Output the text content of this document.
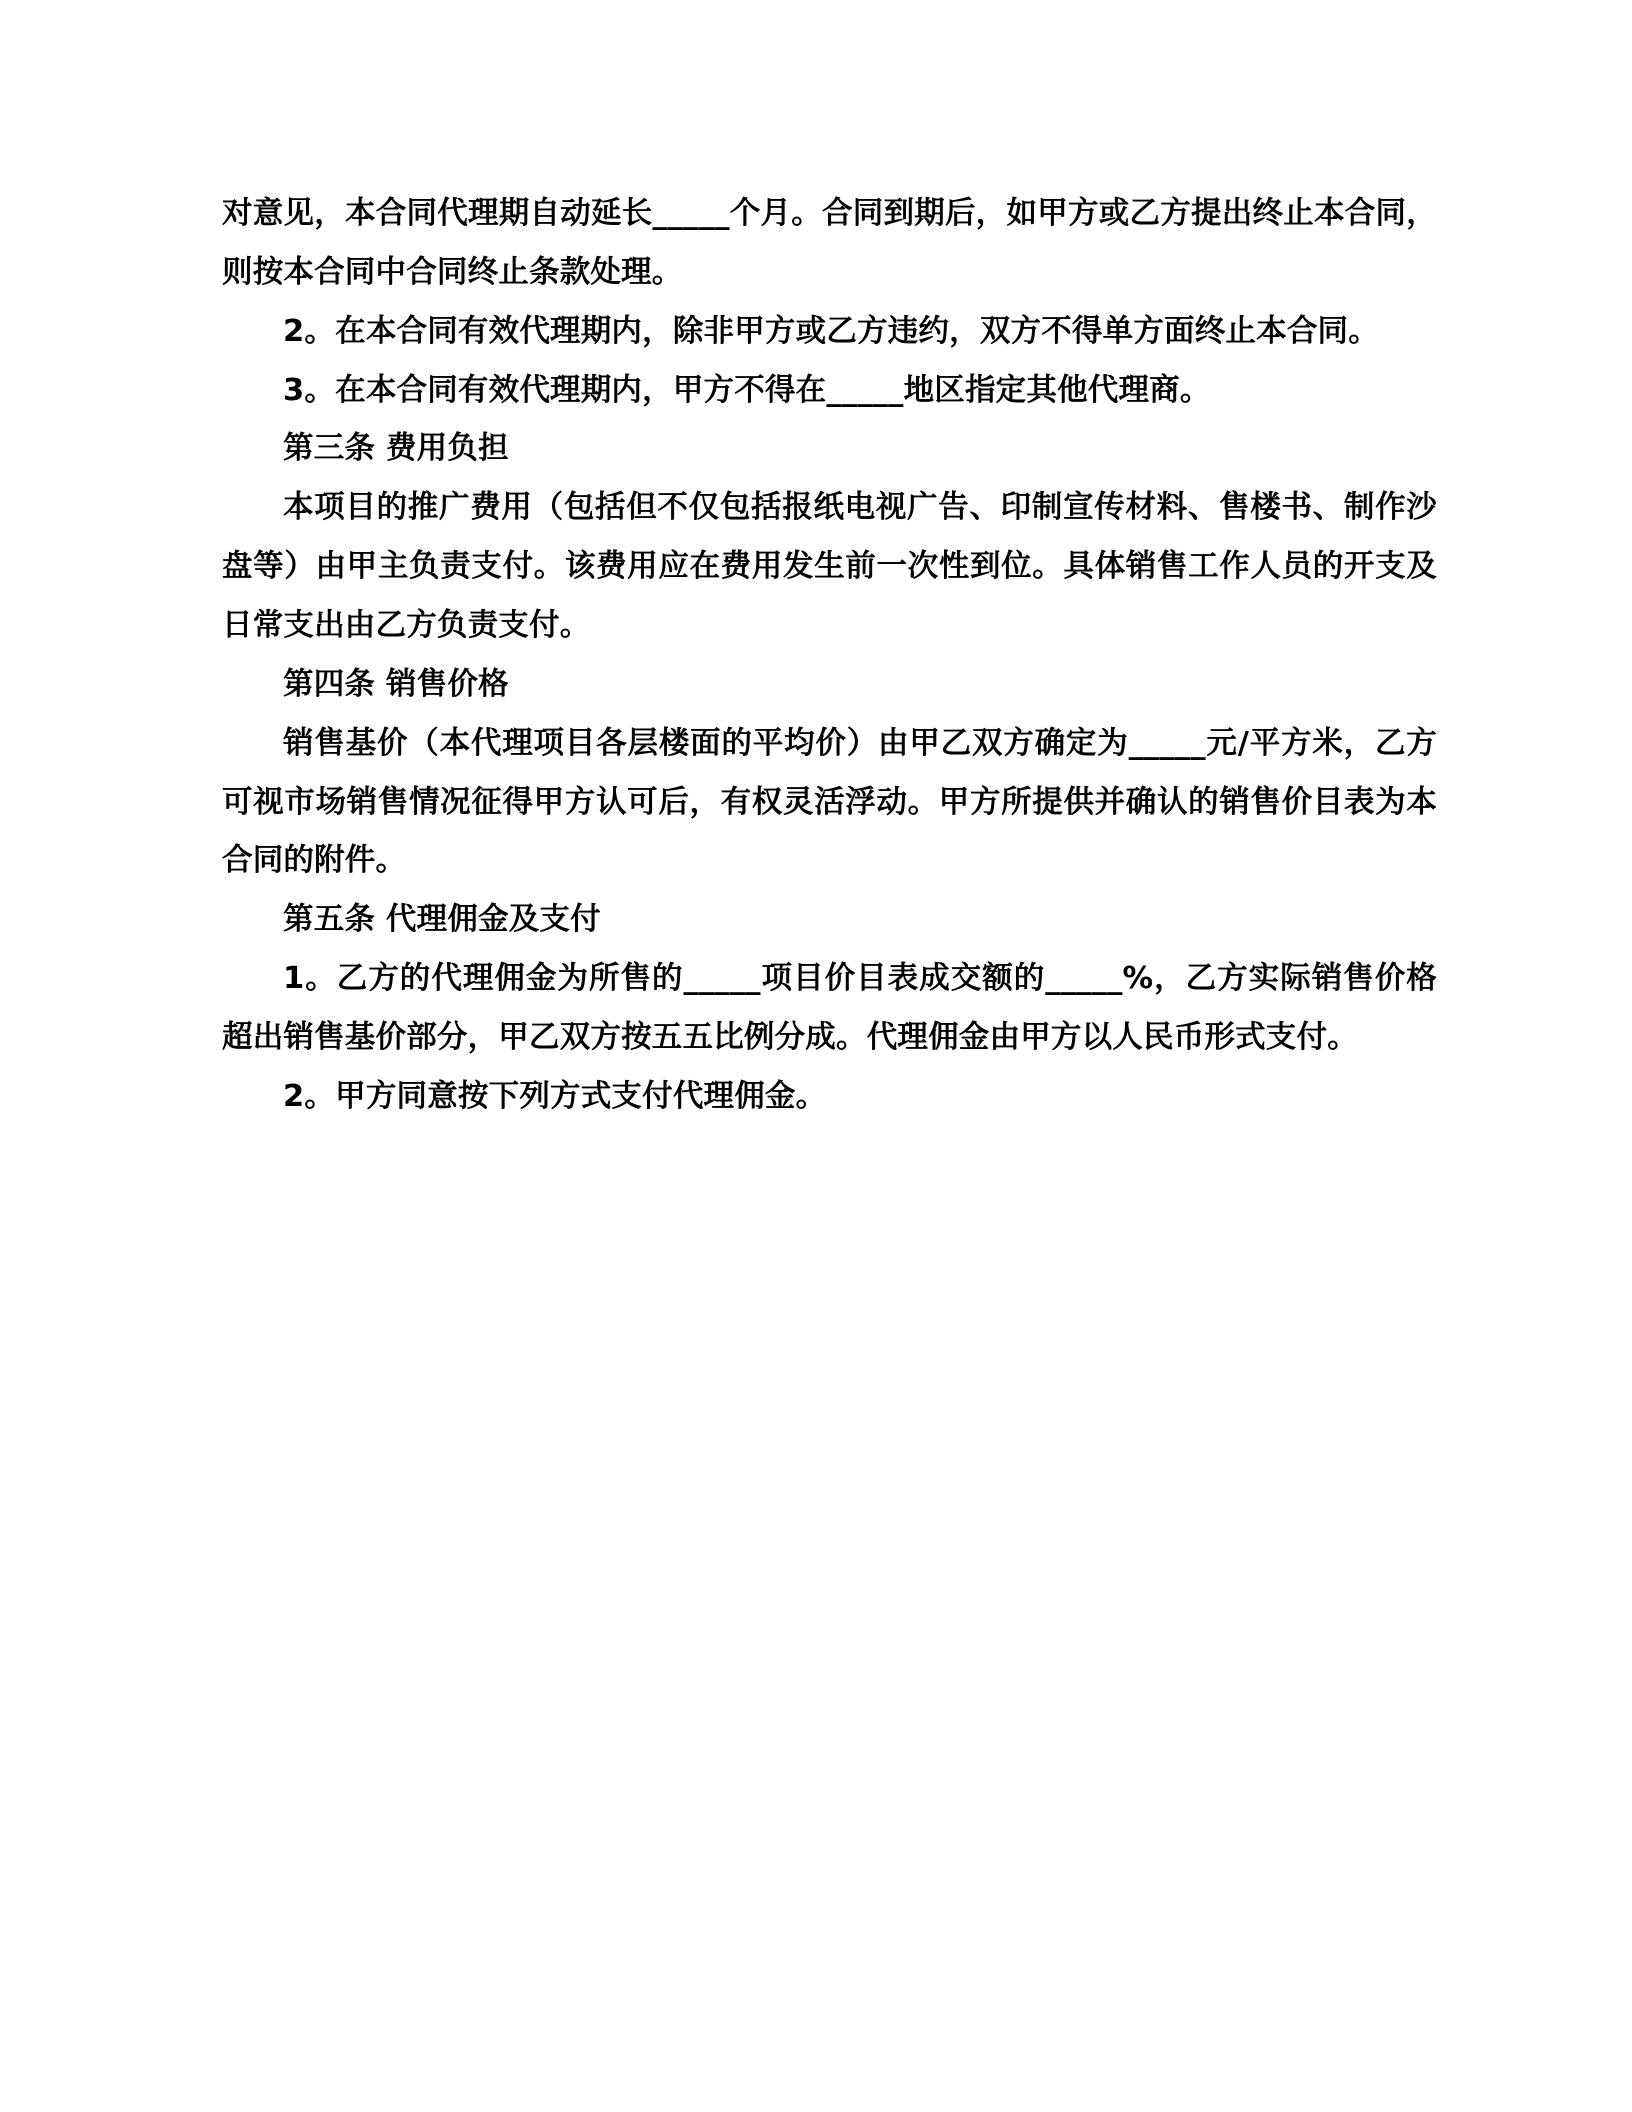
对意见，本合同代理期自动延长_____个月。合同到期后，如甲方或乙方提出终止本合同，则按本合同中合同终止条款处理。

2。在本合同有效代理期内，除非甲方或乙方违约，双方不得单方面终止本合同。

3。在本合同有效代理期内，甲方不得在_____地区指定其他代理商。

第三条 费用负担

本项目的推广费用（包括但不仅包括报纸电视广告、印制宣传材料、售楼书、制作沙盘等）由甲主负责支付。该费用应在费用发生前一次性到位。具体销售工作人员的开支及日常支出由乙方负责支付。

第四条 销售价格

销售基价（本代理项目各层楼面的平均价）由甲乙双方确定为_____元/平方米，乙方可视市场销售情况征得甲方认可后，有权灵活浮动。甲方所提供并确认的销售价目表为本合同的附件。

第五条 代理佣金及支付

1。乙方的代理佣金为所售的_____项目价目表成交额的_____%，乙方实际销售价格超出销售基价部分，甲乙双方按五五比例分成。代理佣金由甲方以人民币形式支付。

2。甲方同意按下列方式支付代理佣金。
